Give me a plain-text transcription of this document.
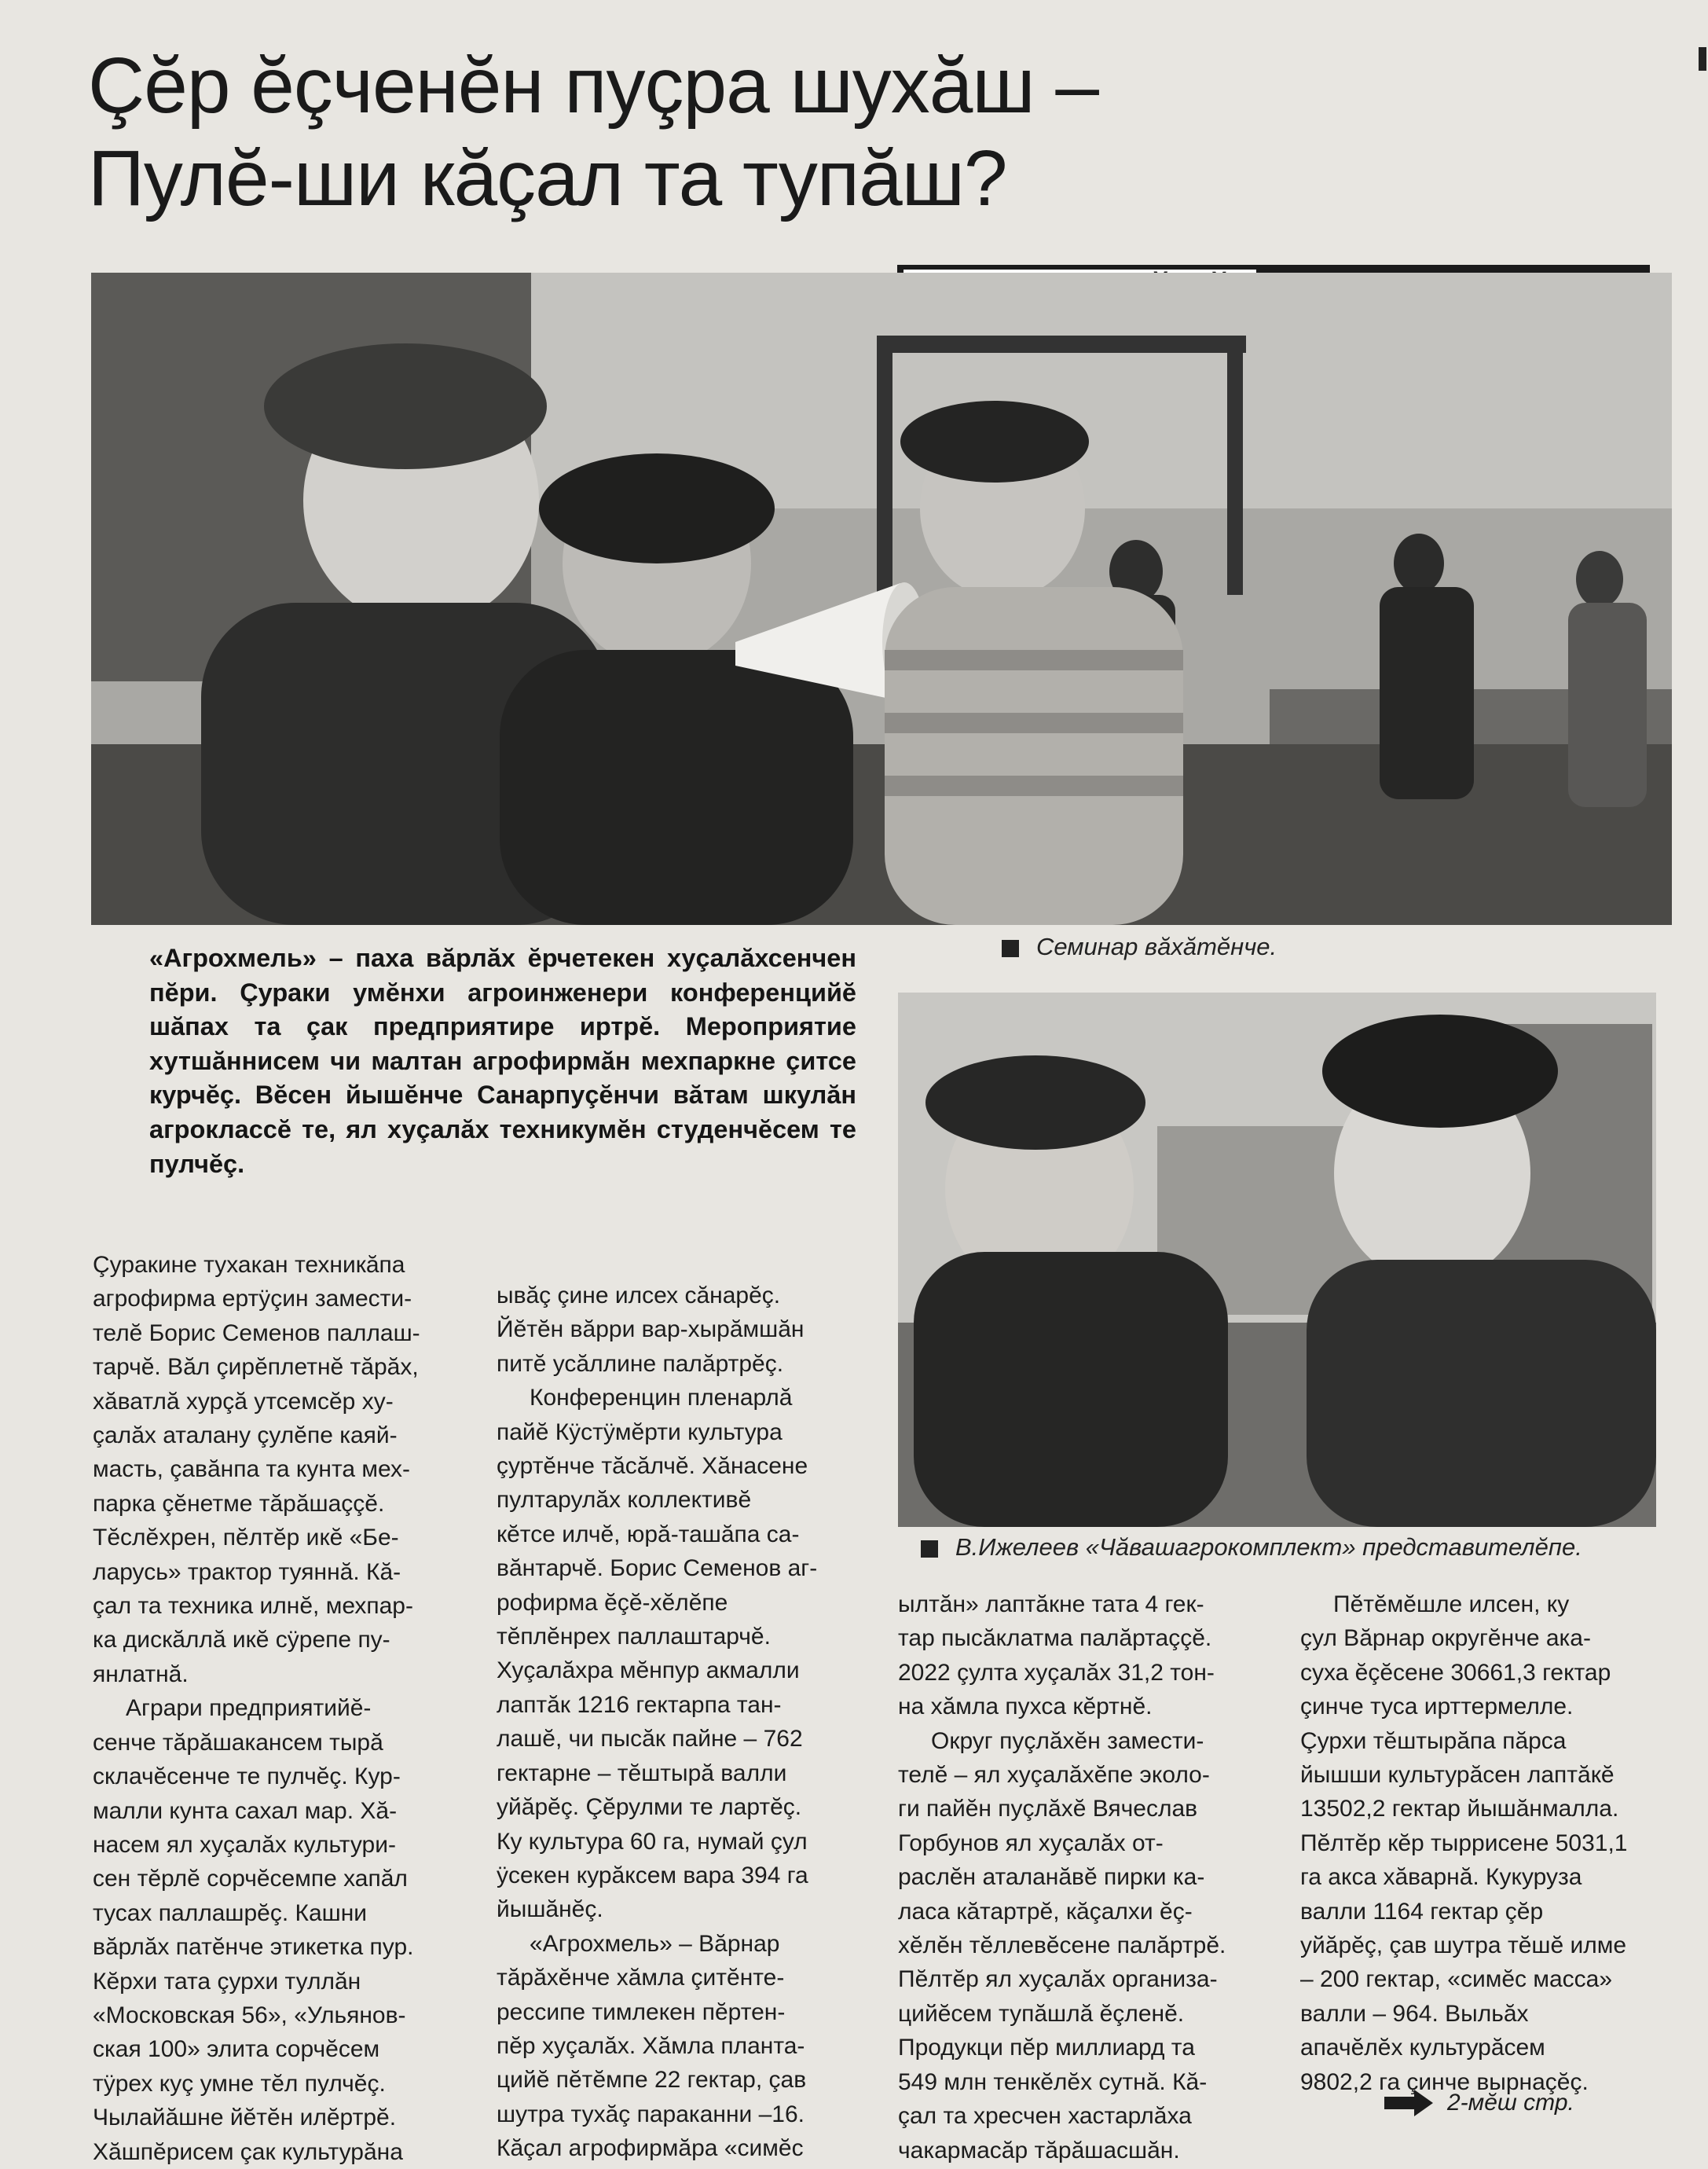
Çĕр ĕçченĕн пуçра шухăш –
Пулĕ-ши кăçал та тупăш?
Семинар вăхăтĕнче.
«Агрохмель» – паха вăрлăх ĕрчетекен хуçалăхсенчен пĕри. Çураки умĕнхи агроинженери конференцийĕ шăпах та çак предприятире иртрĕ. Мероприятие хутшăннисем чи малтан агрофирмăн мехпаркне çитсе курчĕç. Вĕсен йышĕнче Санарпуçĕнчи вăтам шкулăн агроклассĕ те, ял хуçалăх техникумĕн студенчĕсем те пулчĕç.
В.Ижелеев «Чăвашагрокомплект» представителĕпе.

Çуракине тухакан техникăпа

агрофирма ертÿçин замести-

телĕ Борис Семенов паллаш-

тарчĕ. Вăл çирĕплетнĕ тăрăх,

хăватлă хурçă утсемсĕр ху-

çалăх аталану çулĕпе каяй-

масть, çавăнпа та кунта мех-

парка çĕнетме тăрăшаççĕ.

Тĕслĕхрен, пĕлтĕр икĕ «Бе-

ларусь» трактор туяннă. Кă-

çал та техника илнĕ, мехпар-

ка дискăллă икĕ сÿрепе пу-

янлатнă.

Аграри предприятийĕ-

сенче тăрăшакансем тырă

склачĕсенче те пулчĕç. Кур-

малли кунта сахал мар. Хă-

насем ял хуçалăх культури-

сен тĕрлĕ сорчĕсемпе хапăл

тусах паллашрĕç. Кашни

вăрлăх патĕнче этикетка пур.

Кĕрхи тата çурхи туллăн

«Московская 56», «Ульянов-

ская 100» элита сорчĕсем

тÿрех куç умне тĕл пулчĕç.

Чылайăшне йĕтĕн илĕртрĕ.

Хăшпĕрисем çак культурăна

ывăç çине илсех сăнарĕç.

Йĕтĕн вăрри вар-хырăмшăн

питĕ усăллине палăртрĕç.

Конференцин пленарлă

пайĕ Кÿстÿмĕрти культура

çуртĕнче тăсăлчĕ. Хăнасене

пултарулăх коллективĕ

кĕтсе илчĕ, юрă-ташăпа са-

вăнтарчĕ. Борис Семенов аг-

рофирма ĕçĕ-хĕлĕпе

тĕплĕнрех паллаштарчĕ.

Хуçалăхра мĕнпур акмалли

лаптăк 1216 гектарпа тан-

лашĕ, чи пысăк пайне – 762

гектарне – тĕштырă валли

уйăрĕç. Çĕрулми те лартĕç.

Ку культура 60 га, нумай çул

ÿсекен курăксем вара 394 га

йышăнĕç.

«Агрохмель» – Вăрнар

тăрăхĕнче хăмла çитĕнте-

рессипе тимлекен пĕртен-

пĕр хуçалăх. Хăмла планта-

цийĕ пĕтĕмпе 22 гектар, çав

шутра тухăç параканни –16.

Кăçал агрофирмăра «симĕс

ылтăн» лаптăкне тата 4 гек-

тар пысăклатма палăртаççĕ.

2022 çулта хуçалăх 31,2 тон-

на хăмла пухса кĕртнĕ.

Округ пуçлăхĕн замести-

телĕ – ял хуçалăхĕпе эколо-

ги пайĕн пуçлăхĕ Вячеслав

Горбунов ял хуçалăх от-

раслĕн аталанăвĕ пирки ка-

ласа кăтартрĕ, кăçалхи ĕç-

хĕлĕн тĕллевĕсене палăртрĕ.

Пĕлтĕр ял хуçалăх организа-

цийĕсем тупăшлă ĕçленĕ.

Продукци пĕр миллиард та

549 млн тенкĕлĕх сутнă. Кă-

çал та хресчен хастарлăха

чакармасăр тăрăшасшăн.

Пĕтĕмĕшле илсен, ку

çул Вăрнар округĕнче ака-

суха ĕçĕсене 30661,3 гектар

çинче туса ирттермелле.

Çурхи тĕштырăпа пăрса

йышши культурăсен лаптăкĕ

13502,2 гектар йышăнмалла.

Пĕлтĕр кĕр тыррисене 5031,1

га акса хăварнă. Кукуруза

валли 1164 гектар çĕр

уйăрĕç, çав шутра тĕшĕ илме

– 200 гектар, «симĕс масса»

валли – 964. Выльăх

апачĕлĕх культурăсем

9802,2 га çинче вырнаçĕç.

2-мĕш стр.
